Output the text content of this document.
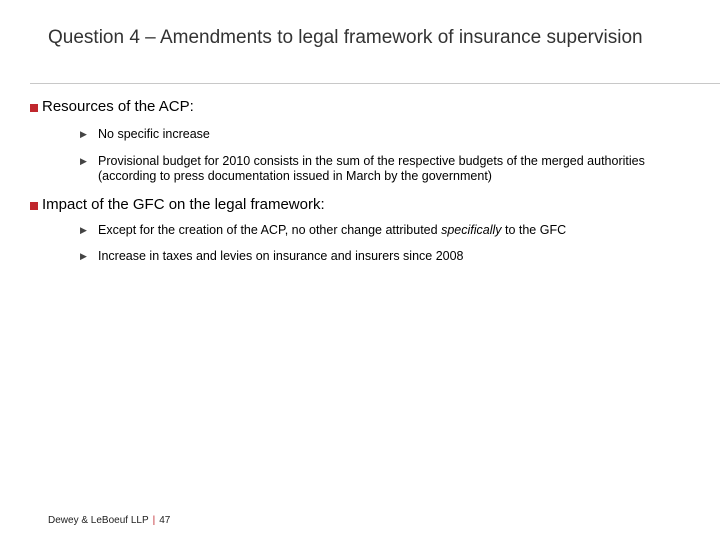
Question 4 – Amendments to legal framework of insurance supervision
Resources of the ACP:
▶ No specific increase
▶ Provisional budget for 2010 consists in the sum of the respective budgets of the merged authorities (according to press documentation issued in March by the government)
Impact of the GFC on the legal framework:
▶ Except for the creation of the ACP, no other change attributed specifically to the GFC
▶ Increase in taxes and levies on insurance and insurers since 2008
Dewey & LeBoeuf LLP | 47
